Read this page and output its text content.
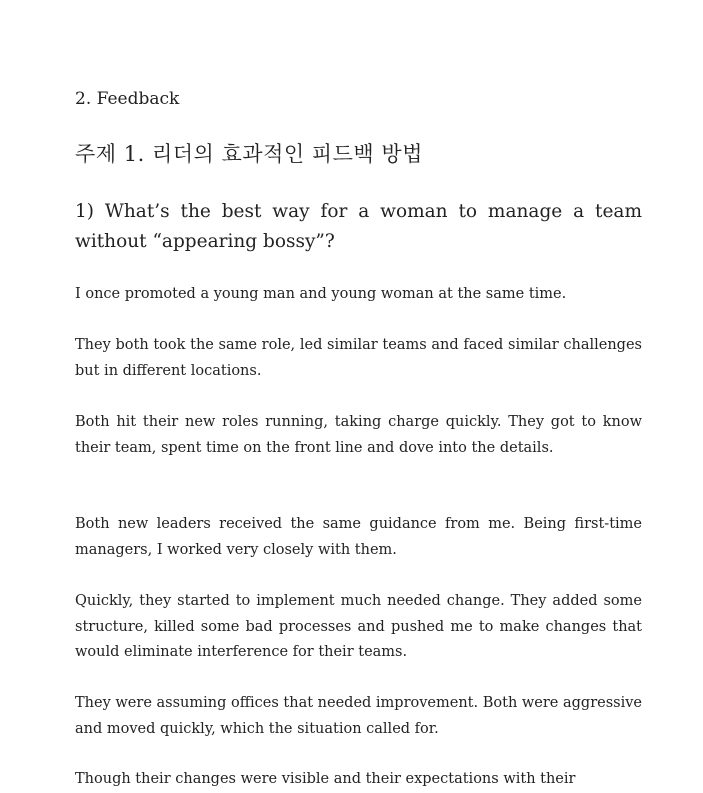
2. Feedback
주제 1. 리더의 효과적인 피드백 방법
1) What’s the best way for a woman to manage a team without “appearing bossy”?

I once promoted a young man and young woman at the same time.

They both took the same role, led similar teams and faced similar challenges but in different locations.

Both hit their new roles running, taking charge quickly. They got to know their team, spent time on the front line and dove into the details.

Both new leaders received the same guidance from me. Being first-time managers, I worked very closely with them.

Quickly, they started to implement much needed change. They added some structure, killed some bad processes and pushed me to make changes that would eliminate interference for their teams.

They were assuming offices that needed improvement. Both were aggressive and moved quickly, which the situation called for.

Though their changes were visible and their expectations with their
